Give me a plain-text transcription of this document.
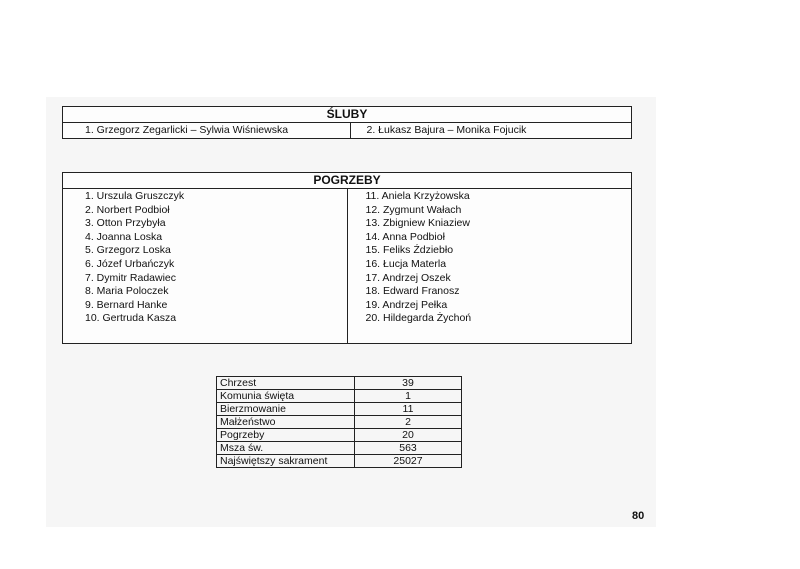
ŚLUBY
1. Grzegorz Zegarlicki – Sylwia Wiśniewska	2. Łukasz Bajura – Monika Fojucik
POGRZEBY
1. Urszula Gruszczyk
2. Norbert Podbioł
3. Otton Przybyła
4. Joanna Loska
5. Grzegorz Loska
6. Józef Urbańczyk
7. Dymitr Radawiec
8. Maria Poloczek
9. Bernard Hanke
10. Gertruda Kasza
11. Aniela Krzyżowska
12. Zygmunt Wałach
13. Zbigniew Kniaziew
14. Anna Podbioł
15. Feliks Ździebło
16. Łucja Materla
17. Andrzej Oszek
18. Edward Franosz
19. Andrzej Pełka
20. Hildegarda Żychoń
Chrzest	39
Komunia święta	1
Bierzmowanie	11
Małżeństwo	2
Pogrzeby	20
Msza św.	563
Najświętszy sakrament	25027
80
